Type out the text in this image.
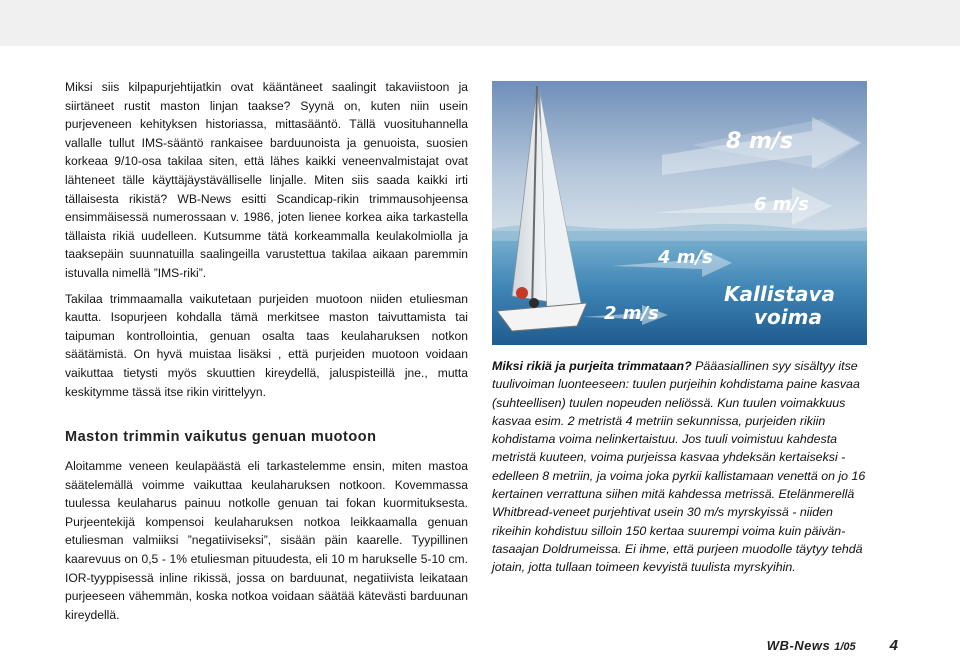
Miksi siis kilpapurjehtijatkin ovat kääntäneet saalingit takaviistoon ja siirtäneet rustit maston linjan taakse? Syynä on, kuten niin usein purjeveneen kehityksen historiassa, mittasääntö. Tällä vuosituhannella vallalle tullut IMS-sääntö rankaisee barduunoista ja genuoista, suosien korkeaa 9/10-osa takilaa siten, että lähes kaikki veneenvalmistajat ovat lähteneet tälle käyttäjäystävälliselle linjalle. Miten siis saada kaikki irti tällaisesta rikistä? WB-News esitti Scandicap-rikin trimmausohjeensa ensimmäisessä numerossaan v. 1986, joten lienee korkea aika tarkastella tällaista rikiä uudelleen. Kutsumme tätä korkeammalla keulakolmiolla ja taaksepäin suunnatuilla saalingeilla varustettua takilaa aikaan paremmin istuvalla nimellä ”IMS-riki”.

Takilaa trimmaamalla vaikutetaan purjeiden muotoon niiden etuliesman kautta. Isopurjeen kohdalla tämä merkitsee maston taivuttamista tai taipuman kontrollointia, genuan osalta taas keulaharuksen notkon säätämistä. On hyvä muistaa lisäksi , että purjeiden muotoon voidaan vaikuttaa tietysti myös skuuttien kireydellä, jaluspisteillä jne., mutta keskitymme tässä itse rikin virittelyyn.

Maston trimmin vaikutus genuan muotoon

Aloitamme veneen keulapäästä eli tarkastelemme ensin, miten mastoa säätelemällä voimme vaikuttaa keulaharuksen notkoon. Kovemmassa tuulessa keulaharus painuu notkolle genuan tai fokan kuormituksesta. Purjeentekijä kompensoi keulaharuksen notkoa leikkaamalla genuan etuliesman valmiiksi ”negatiiviseksi”, sisään päin kaarelle. Tyypillinen kaarevuus on 0,5 - 1% etuliesman pituudesta, eli 10 m harukselle 5-10 cm. IOR-tyyppisessä inline rikissä, jossa on barduunat, negatiivista leikataan purjeeseen vähemmän, koska notkoa voidaan säätää kätevästi barduunan kireydellä.

8 m/s
6 m/s
4 m/s
2 m/s
Kallistava
voima
Miksi rikiä ja purjeita trimmataan? Pääasiallinen syy sisältyy itse tuulivoiman luonteeseen: tuulen purjeihin kohdistama paine kasvaa (suhteellisen) tuulen nopeuden neliössä. Kun tuulen voimakkuus kasvaa esim. 2 metristä 4 metriin sekunnissa, purjeiden rikiin kohdistama voima nelinkertaistuu. Jos tuuli voimistuu kahdesta metristä kuuteen, voima purjeissa kasvaa yhdeksän kertaiseksi - edelleen 8 metriin, ja voima joka pyrkii kallistamaan venettä on jo 16 kertainen verrattuna siihen mitä kahdessa metrissä. Etelänmerellä Whitbread-veneet purjehtivat usein 30 m/s myrskyissä - niiden rikeihin kohdistuu silloin 150 kertaa suurempi voima kuin päiväntasaajan Doldrumeissa. Ei ihme, että purjeen muodolle täytyy tehdä jotain, jotta tullaan toimeen kevyistä tuulista myrskyihin.
WB-News 1/05 4
